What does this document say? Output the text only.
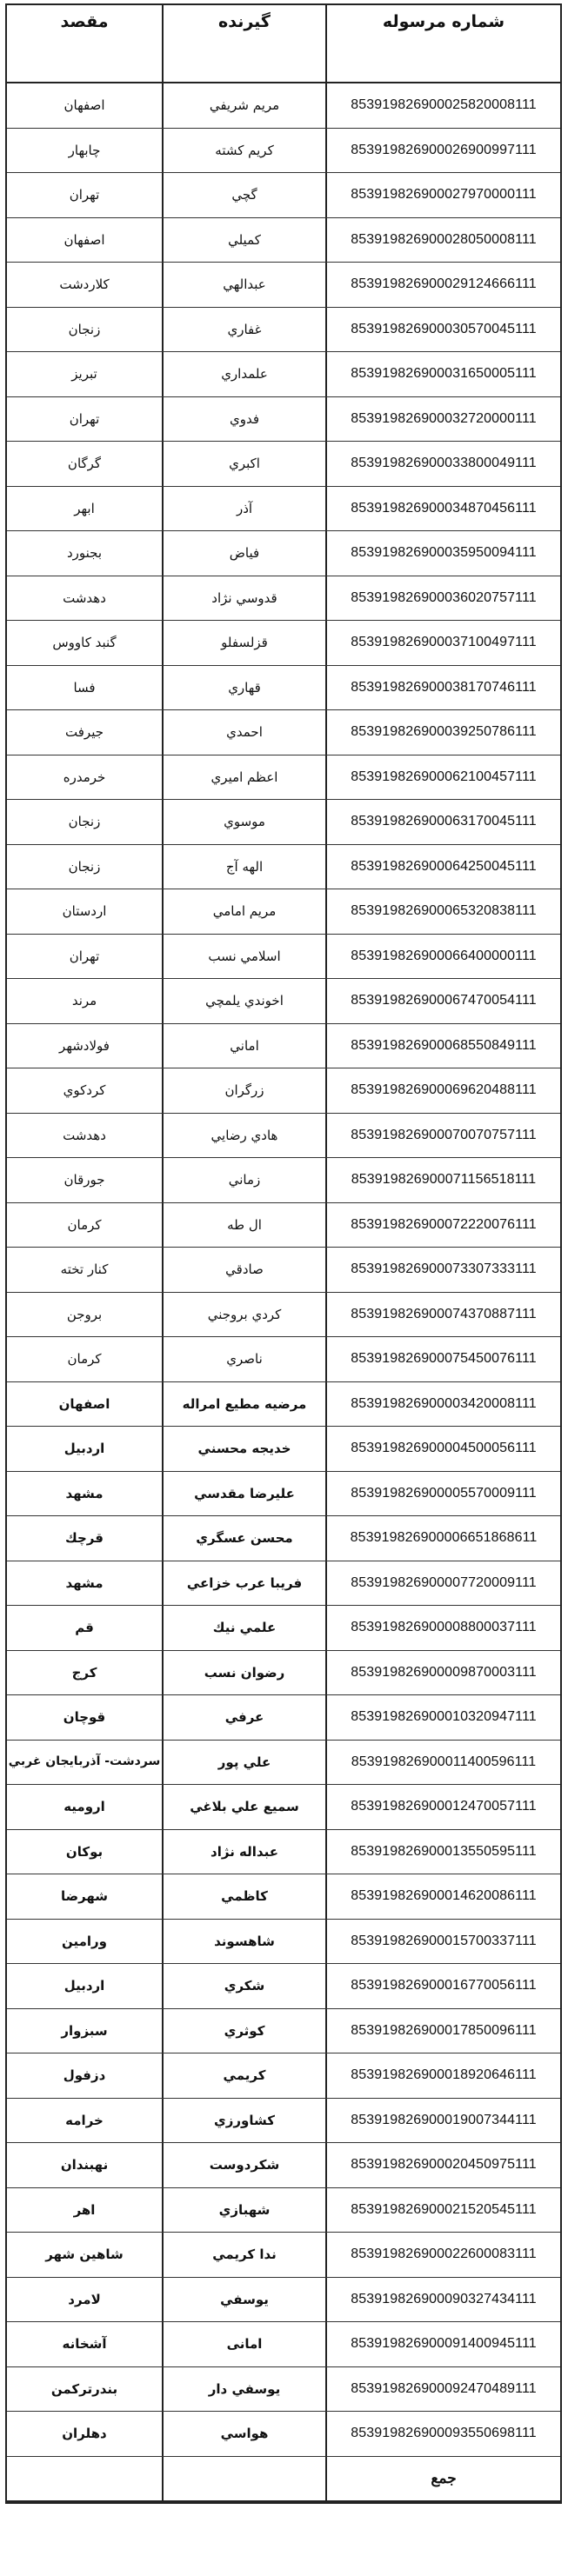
شماره مرسوله
گیرنده
مقصد
853919826900025820008111
مريم شريفي
اصفهان
853919826900026900997111
كريم كشته
چابهار
853919826900027970000111
گچي
تهران
853919826900028050008111
كميلي
اصفهان
853919826900029124666111
عبدالهي
كلاردشت
853919826900030570045111
غفاري
زنجان
853919826900031650005111
علمداري
تبريز
853919826900032720000111
فدوي
تهران
853919826900033800049111
اكبري
گرگان
853919826900034870456111
آذر
ابهر
853919826900035950094111
فياض
بجنورد
853919826900036020757111
قدوسي نژاد
دهدشت
853919826900037100497111
قزلسفلو
گنبد كاووس
853919826900038170746111
قهاري
فسا
853919826900039250786111
احمدي
جيرفت
853919826900062100457111
اعظم اميري
خرمدره
853919826900063170045111
موسوي
زنجان
853919826900064250045111
الهه آج
زنجان
853919826900065320838111
مريم امامي
اردستان
853919826900066400000111
اسلامي نسب
تهران
853919826900067470054111
اخوندي يلمچي
مرند
853919826900068550849111
اماني
فولادشهر
853919826900069620488111
زرگران
كردكوي
853919826900070070757111
هادي رضايي
دهدشت
853919826900071156518111
زماني
جورقان
853919826900072220076111
ال طه
كرمان
853919826900073307333111
صادقي
كنار تخته
853919826900074370887111
كردي بروجني
بروجن
853919826900075450076111
ناصري
كرمان
853919826900003420008111
مرضيه مطيع امراله
اصفهان
853919826900004500056111
خديجه محسني
اردبيل
853919826900005570009111
عليرضا مقدسي
مشهد
853919826900006651868611
محسن عسگري
قرچك
853919826900007720009111
فريبا عرب خزاعي
مشهد
853919826900008800037111
علمي نيك
قم
853919826900009870003111
رضوان نسب
كرج
853919826900010320947111
عرفي
قوچان
853919826900011400596111
علي پور
سردشت- آذربايجان غربي
853919826900012470057111
سميع علي بلاغي
اروميه
853919826900013550595111
عبداله نژاد
بوكان
853919826900014620086111
كاظمي
شهرضا
853919826900015700337111
شاهسوند
ورامين
853919826900016770056111
شكري
اردبيل
853919826900017850096111
كوثري
سبزوار
853919826900018920646111
كريمي
دزفول
853919826900019007344111
كشاورزي
خرامه
853919826900020450975111
شكردوست
نهبندان
853919826900021520545111
شهبازي
اهر
853919826900022600083111
ندا كريمي
شاهين شهر
853919826900090327434111
يوسفي
لامرد
853919826900091400945111
امانی
آشخانه
853919826900092470489111
يوسفي دار
بندرتركمن
853919826900093550698111
هواسي
دهلران
جمع
